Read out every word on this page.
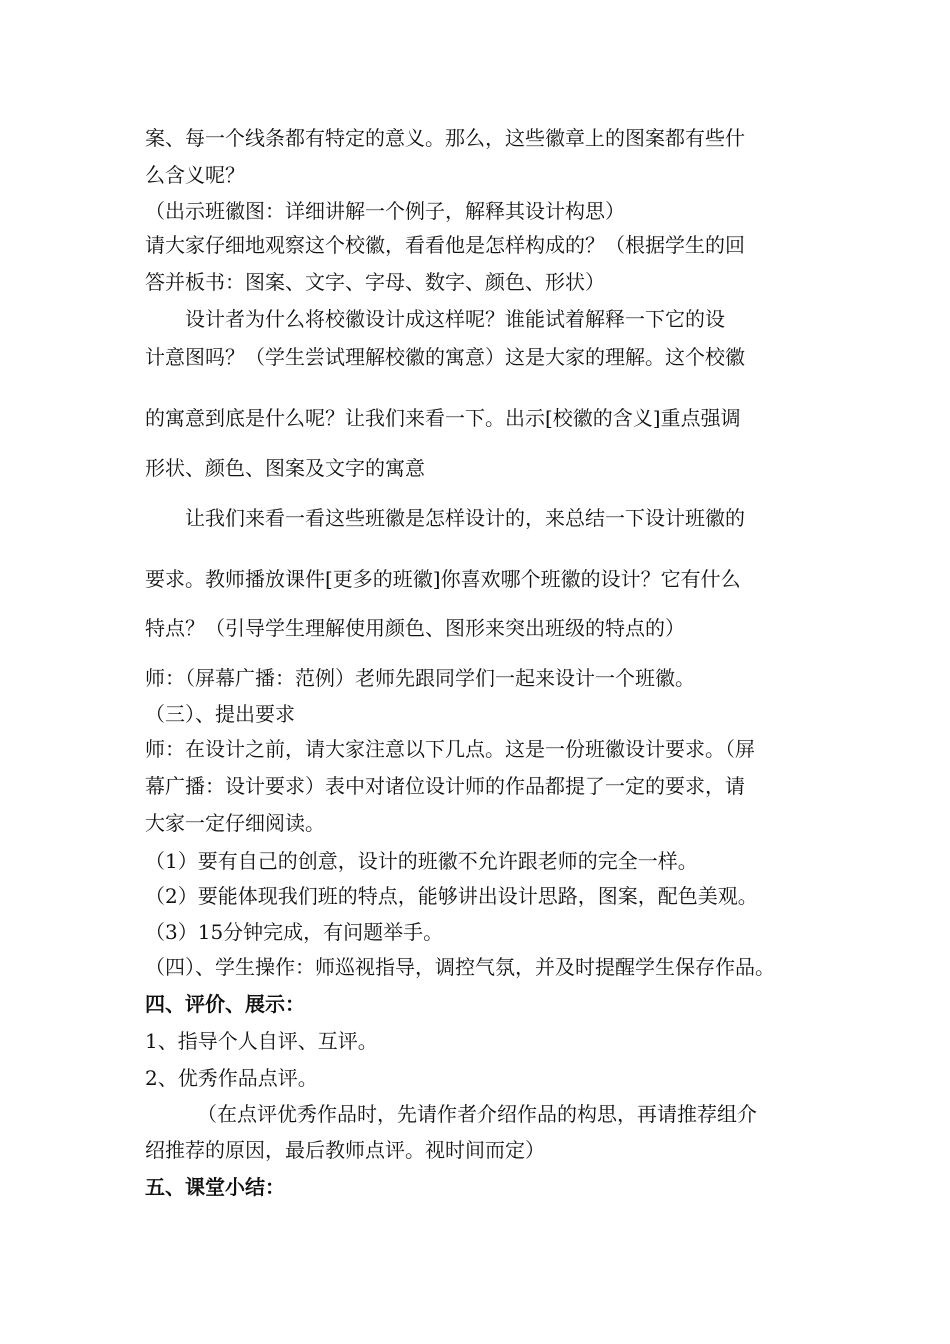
案、每一个线条都有特定的意义。那么，这些徽章上的图案都有些什
么含义呢？
（出示班徽图：详细讲解一个例子，解释其设计构思）
请大家仔细地观察这个校徽，看看他是怎样构成的？（根据学生的回
答并板书：图案、文字、字母、数字、颜色、形状）
设计者为什么将校徽设计成这样呢？谁能试着解释一下它的设
计意图吗？（学生尝试理解校徽的寓意）这是大家的理解。这个校徽
的寓意到底是什么呢？让我们来看一下。出示[校徽的含义]重点强调
形状、颜色、图案及文字的寓意
让我们来看一看这些班徽是怎样设计的，来总结一下设计班徽的
要求。教师播放课件[更多的班徽]你喜欢哪个班徽的设计？它有什么
特点？（引导学生理解使用颜色、图形来突出班级的特点的）
师：（屏幕广播：范例）老师先跟同学们一起来设计一个班徽。
（三）、提出要求
师：在设计之前，请大家注意以下几点。这是一份班徽设计要求。（屏
幕广播：设计要求）表中对诸位设计师的作品都提了一定的要求，请
大家一定仔细阅读。
（1）要有自己的创意，设计的班徽不允许跟老师的完全一样。
（2）要能体现我们班的特点，能够讲出设计思路，图案，配色美观。
（3）15分钟完成，有问题举手。
（四）、学生操作：师巡视指导，调控气氛，并及时提醒学生保存作品。
四、评价、展示：
1、指导个人自评、互评。
2、优秀作品点评。
（在点评优秀作品时，先请作者介绍作品的构思，再请推荐组介
绍推荐的原因，最后教师点评。视时间而定）
五、课堂小结：
